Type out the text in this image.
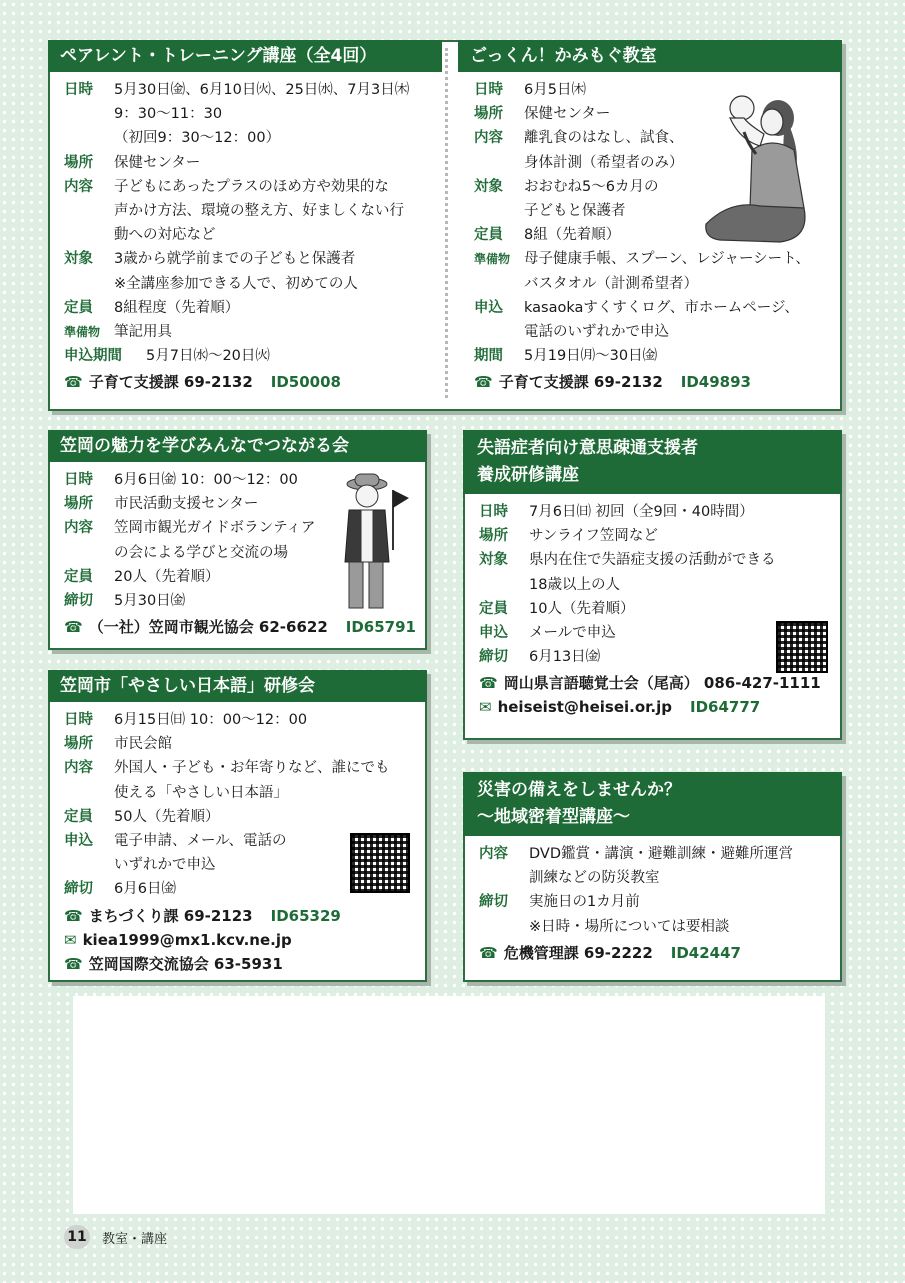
ペアレント・トレーニング講座（全4回）
日時	5月30日㈮、6月10日㈫、25日㈬、7月3日㈭
9：30～11：30
（初回9：30～12：00）
場所	保健センター
内容	子どもにあったプラスのほめ方や効果的な
声かけ方法、環境の整え方、好ましくない行
動への対応など
対象	3歳から就学前までの子どもと保護者
※全講座参加できる人で、初めての人
定員	8組程度（先着順）
準備物 筆記用具
申込期間	5月7日㈬～20日㈫
☎ 子育て支援課 69-2132 ID50008
ごっくん！かみもぐ教室
日時	6月5日㈭
場所	保健センター
内容	離乳食のはなし、試食、
身体計測（希望者のみ）
対象	おおむね5～6カ月の
子どもと保護者
定員	8組（先着順）
準備物 母子健康手帳、スプーン、レジャーシート、
バスタオル（計測希望者）
申込	kasaokaすくすくログ、市ホームページ、
電話のいずれかで申込
期間	5月19日㈪～30日㈮
☎ 子育て支援課 69-2132 ID49893
笠岡の魅力を学びみんなでつながる会
日時	6月6日㈮ 10：00～12：00
場所	市民活動支援センター
内容	笠岡市観光ガイドボランティア
の会による学びと交流の場
定員	20人（先着順）
締切	5月30日㈮
☎ （一社）笠岡市観光協会 62-6622 ID65791
笠岡市「やさしい日本語」研修会
日時	6月15日㈰ 10：00～12：00
場所	市民会館
内容	外国人・子ども・お年寄りなど、誰にでも
使える「やさしい日本語」
定員	50人（先着順）
申込	電子申請、メール、電話の
いずれかで申込
締切	6月6日㈮
☎ まちづくり課 69-2123 ID65329
✉ kiea1999@mx1.kcv.ne.jp
☎ 笠岡国際交流協会 63-5931
失語症者向け意思疎通支援者
養成研修講座
日時	7月6日㈰ 初回（全9回・40時間）
場所	サンライフ笠岡など
対象	県内在住で失語症支援の活動ができる
18歳以上の人
定員	10人（先着順）
申込	メールで申込
締切	6月13日㈮
☎ 岡山県言語聴覚士会（尾高） 086-427-1111
✉ heiseist@heisei.or.jp ID64777
災害の備えをしませんか？
～地域密着型講座～
内容	DVD鑑賞・講演・避難訓練・避難所運営
訓練などの防災教室
締切	実施日の1カ月前
※日時・場所については要相談
☎ 危機管理課 69-2222 ID42447
11 教室・講座
